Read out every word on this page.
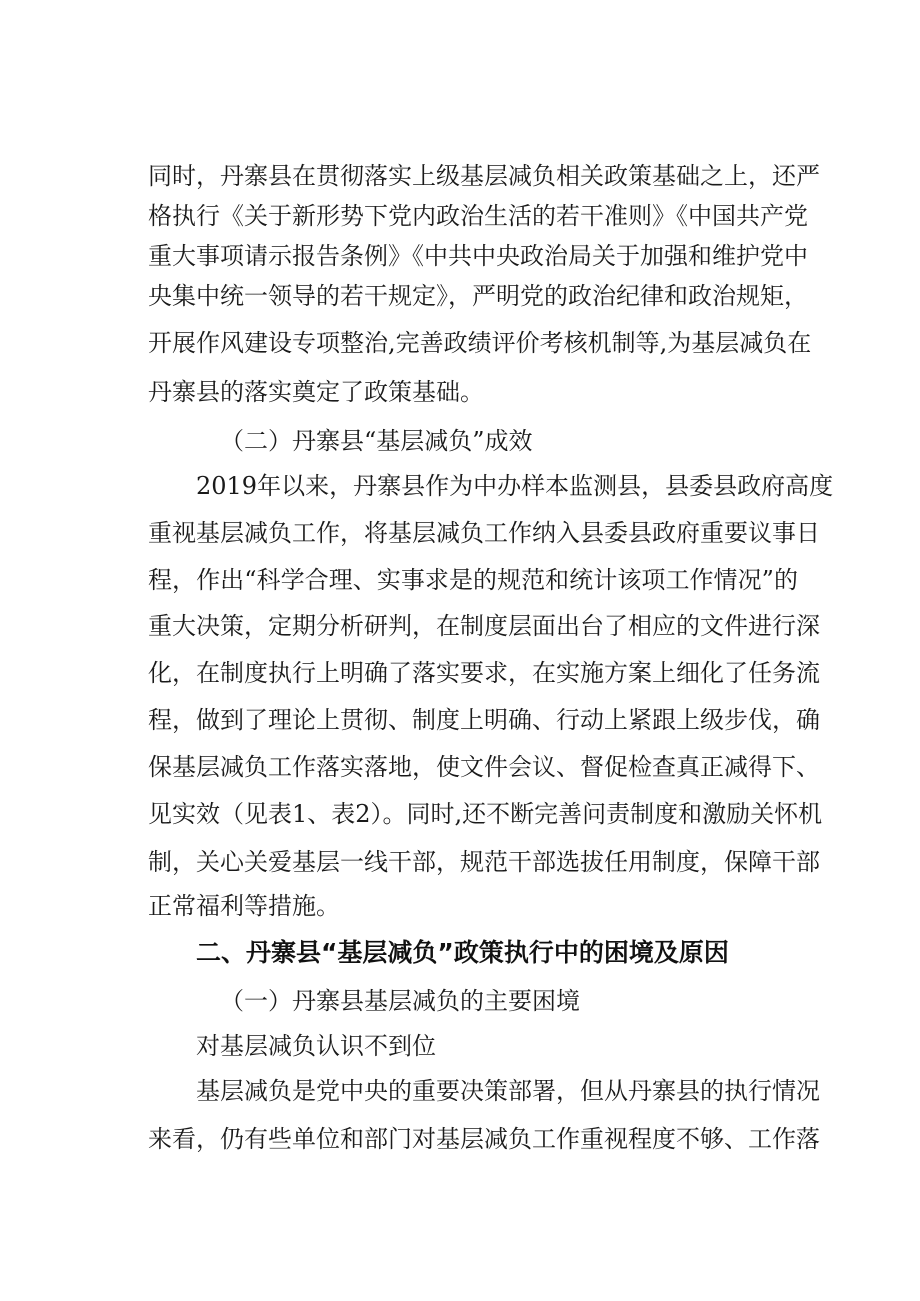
同时，丹寨县在贯彻落实上级基层减负相关政策基础之上，还严
格执行《关于新形势下党内政治生活的若干准则》《中国共产党
重大事项请示报告条例》《中共中央政治局关于加强和维护党中
央集中统一领导的若干规定》，严明党的政治纪律和政治规矩，
开展作风建设专项整治,完善政绩评价考核机制等,为基层减负在
丹寨县的落实奠定了政策基础。
（二）丹寨县“基层减负”成效
2019年以来，丹寨县作为中办样本监测县，县委县政府高度
重视基层减负工作，将基层减负工作纳入县委县政府重要议事日
程，作出“科学合理、实事求是的规范和统计该项工作情况”的
重大决策，定期分析研判，在制度层面出台了相应的文件进行深
化，在制度执行上明确了落实要求，在实施方案上细化了任务流
程，做到了理论上贯彻、制度上明确、行动上紧跟上级步伐，确
保基层减负工作落实落地，使文件会议、督促检查真正减得下、
见实效（见表1、表2）。同时,还不断完善问责制度和激励关怀机
制，关心关爱基层一线干部，规范干部选拔任用制度，保障干部
正常福利等措施。
二、丹寨县“基层减负”政策执行中的困境及原因
（一）丹寨县基层减负的主要困境
对基层减负认识不到位
基层减负是党中央的重要决策部署，但从丹寨县的执行情况
来看，仍有些单位和部门对基层减负工作重视程度不够、工作落
